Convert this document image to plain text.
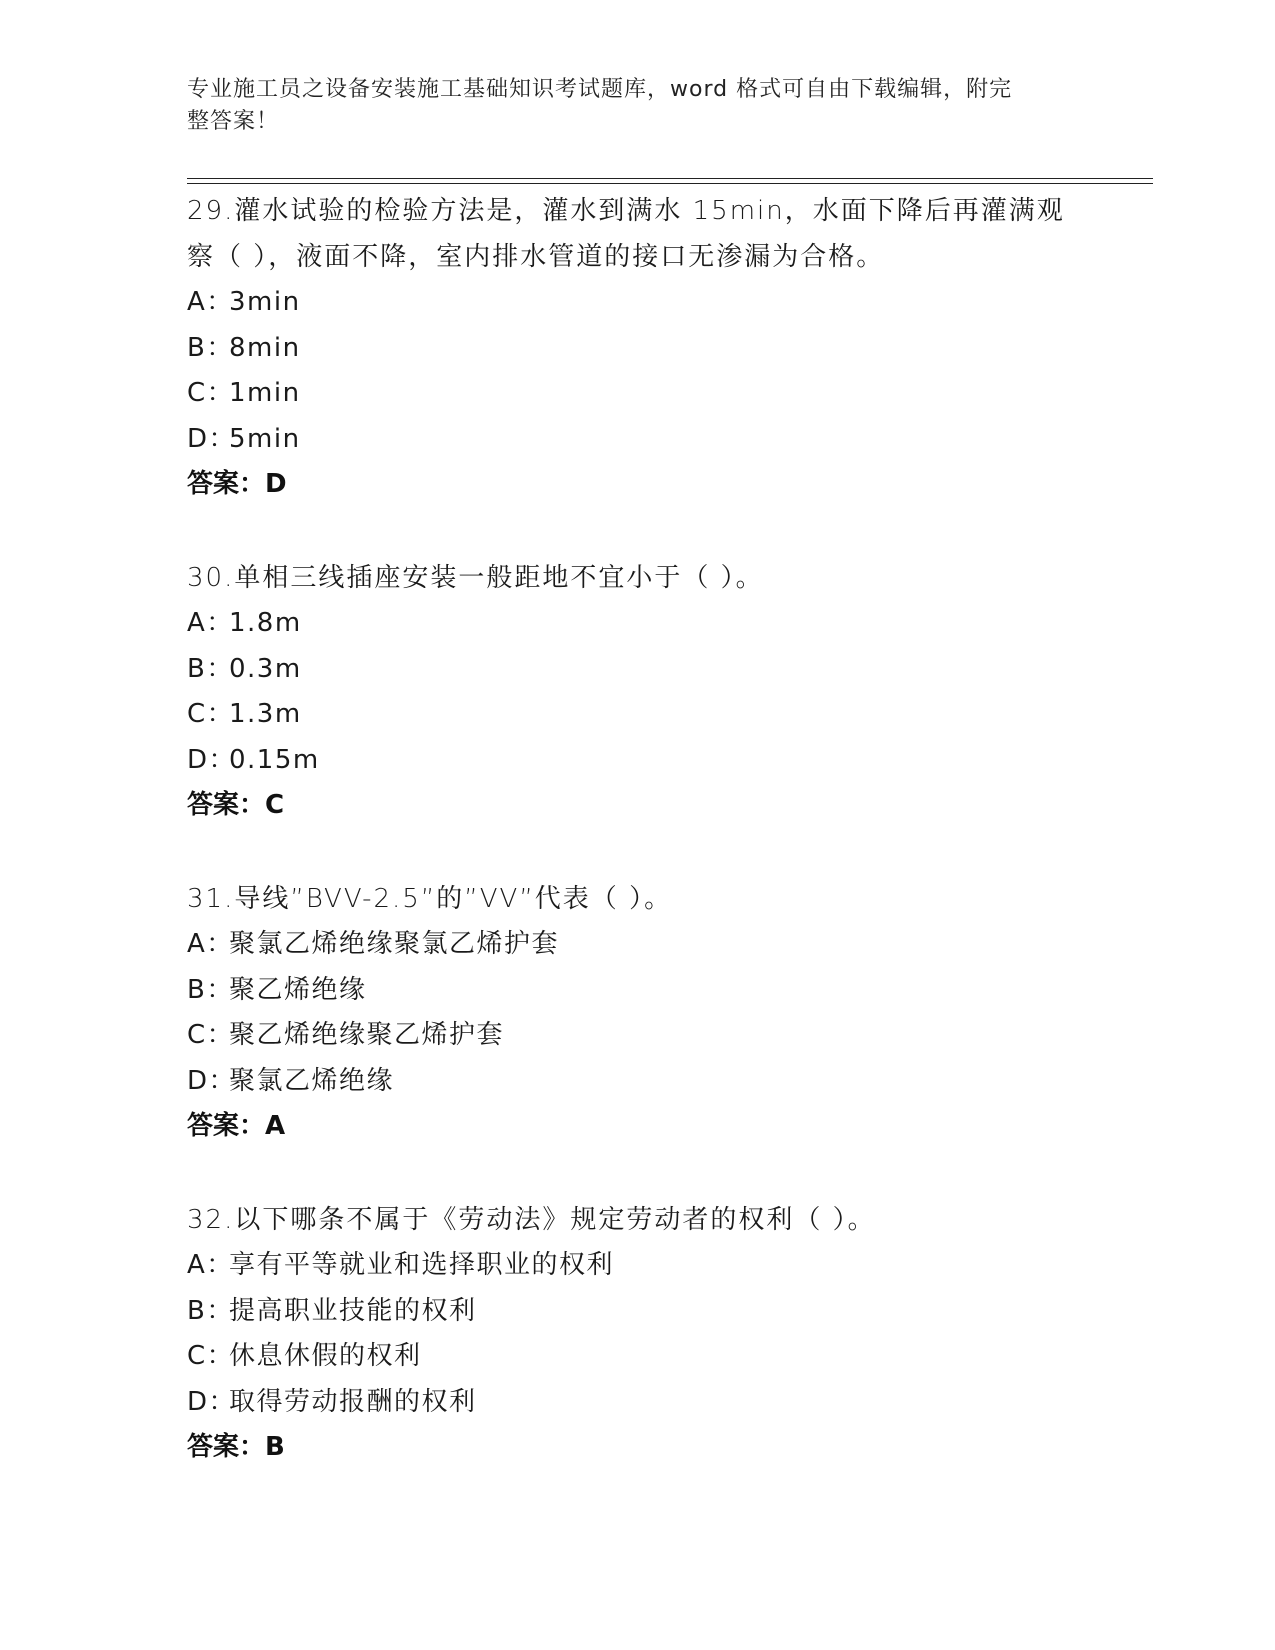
专业施工员之设备安装施工基础知识考试题库，word 格式可自由下载编辑，附完
整答案！

29.灌水试验的检验方法是，灌水到满水 15min，水面下降后再灌满观

察（ ），液面不降，室内排水管道的接口无渗漏为合格。

A：3min

B：8min

C：1min

D：5min

答案：D

30.单相三线插座安装一般距地不宜小于（ ）。

A：1.8m

B：0.3m

C：1.3m

D：0.15m

答案：C

31.导线”BVV-2.5”的”VV”代表（ ）。

A：聚氯乙烯绝缘聚氯乙烯护套

B：聚乙烯绝缘

C：聚乙烯绝缘聚乙烯护套

D：聚氯乙烯绝缘

答案：A

32.以下哪条不属于《劳动法》规定劳动者的权利（ ）。

A：享有平等就业和选择职业的权利

B：提高职业技能的权利

C：休息休假的权利

D：取得劳动报酬的权利

答案：B
